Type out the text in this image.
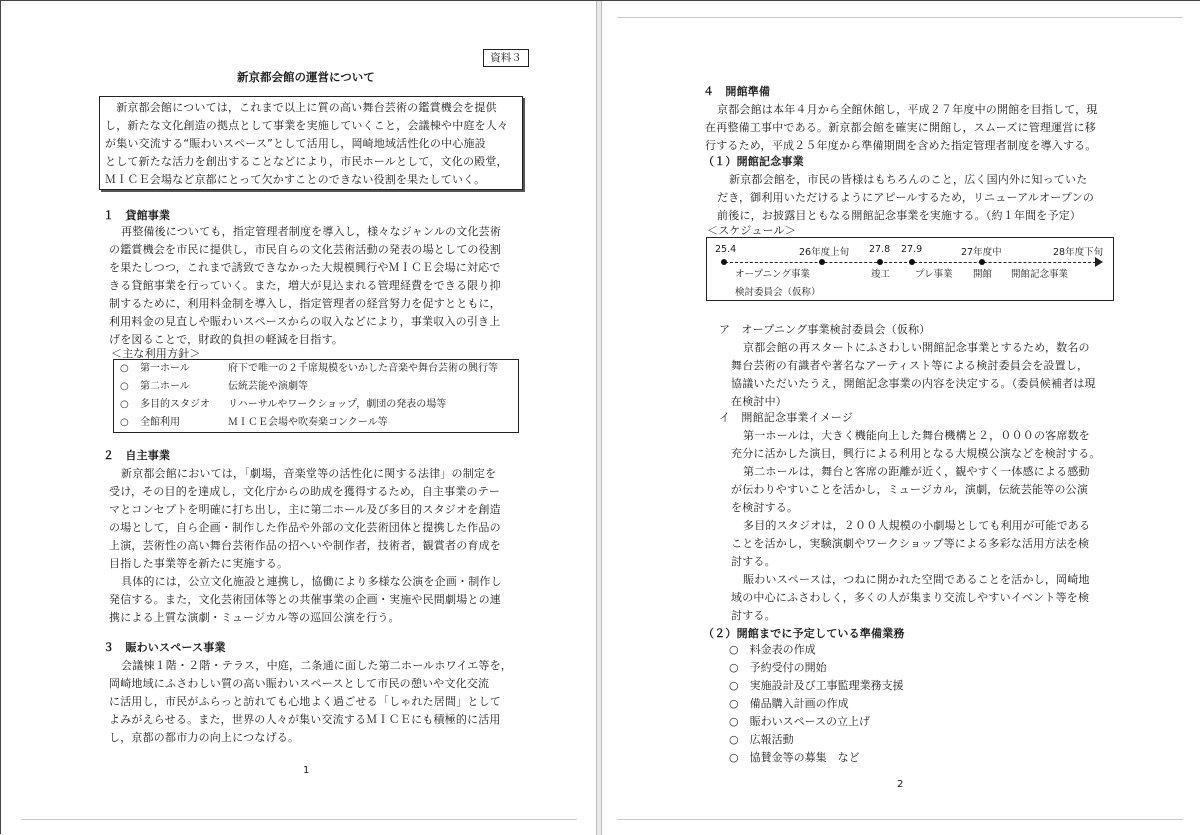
資料３
新京都会館の運営について
　新京都会館については，これまで以上に質の高い舞台芸術の鑑賞機会を提供
し，新たな文化創造の拠点として事業を実施していくこと，会議棟や中庭を人々
が集い交流する“賑わいスペース”として活用し，岡崎地域活性化の中心施設
として新たな活力を創出することなどにより，市民ホールとして，文化の殿堂，
ＭＩＣＥ会場など京都にとって欠かすことのできない役割を果たしていく。
１　貸館事業
再整備後についても，指定管理者制度を導入し，様々なジャンルの文化芸術
の鑑賞機会を市民に提供し，市民自らの文化芸術活動の発表の場としての役割
を果たしつつ，これまで誘致できなかった大規模興行やＭＩＣＥ会場に対応で
きる貸館事業を行っていく。また，増大が見込まれる管理経費をできる限り抑
制するために，利用料金制を導入し，指定管理者の経営努力を促すとともに，
利用料金の見直しや賑わいスペースからの収入などにより，事業収入の引き上
げを図ることで，財政的負担の軽減を目指す。
＜主な利用方針＞
○ 第一ホール	府下で唯一の２千席規模をいかした音楽や舞台芸術の興行等
○ 第二ホール	伝統芸能や演劇等
○ 多目的スタジオ リハーサルやワークショップ，劇団の発表の場等
○ 全館利用	ＭＩＣＥ会場や吹奏楽コンクール等
２　自主事業
新京都会館においては，「劇場，音楽堂等の活性化に関する法律」の制定を
受け，その目的を達成し，文化庁からの助成を獲得するため，自主事業のテー
マとコンセプトを明確に打ち出し，主に第二ホール及び多目的スタジオを創造
の場として，自ら企画・制作した作品や外部の文化芸術団体と提携した作品の
上演，芸術性の高い舞台芸術作品の招へいや制作者，技術者，観賞者の育成を
目指した事業等を新たに実施する。
具体的には，公立文化施設と連携し，協働により多様な公演を企画・制作し
発信する。また，文化芸術団体等との共催事業の企画・実施や民間劇場との連
携による上質な演劇・ミュージカル等の巡回公演を行う。
３　賑わいスペース事業
会議棟１階・２階・テラス，中庭，二条通に面した第二ホールホワイエ等を，
岡崎地域にふさわしい質の高い賑わいスペースとして市民の憩いや文化交流
に活用し，市民がふらっと訪れても心地よく過ごせる「しゃれた居間」として
よみがえらせる。また，世界の人々が集い交流するＭＩＣＥにも積極的に活用
し，京都の都市力の向上につなげる。
1
４　開館準備
京都会館は本年４月から全館休館し，平成２７年度中の開館を目指して，現
在再整備工事中である。新京都会館を確実に開館し，スムーズに管理運営に移
行するため，平成２５年度から準備期間を含めた指定管理者制度を導入する。
（１）開館記念事業
新京都会館を，市民の皆様はもちろんのこと，広く国内外に知っていた
だき，御利用いただけるようにアピールするため，リニューアルオープンの
前後に，お披露目ともなる開館記念事業を実施する。（約１年間を予定）
＜スケジュール＞
25.4	26年度上旬 27.8 27.9	27年度中	28年度下旬
オープニング事業	竣工	プレ事業 開館 開館記念事業
検討委員会（仮称）
ア　オープニング事業検討委員会（仮称）
京都会館の再スタートにふさわしい開館記念事業とするため，数名の
舞台芸術の有識者や著名なアーティスト等による検討委員会を設置し，
協議いただいたうえ，開館記念事業の内容を決定する。（委員候補者は現
在検討中）
イ　開館記念事業イメージ
第一ホールは，大きく機能向上した舞台機構と２，０００の客席数を
充分に活かした演目，興行による利用となる大規模公演などを検討する。
第二ホールは，舞台と客席の距離が近く，観やすく一体感による感動
が伝わりやすいことを活かし，ミュージカル，演劇，伝統芸能等の公演
を検討する。
多目的スタジオは，２００人規模の小劇場としても利用が可能である
ことを活かし，実験演劇やワークショップ等による多彩な活用方法を検
討する。
賑わいスペースは，つねに開かれた空間であることを活かし，岡崎地
域の中心にふさわしく，多くの人が集まり交流しやすいイベント等を検
討する。
（２）開館までに予定している準備業務
○　料金表の作成
○　予約受付の開始
○　実施設計及び工事監理業務支援
○　備品購入計画の作成
○　賑わいスペースの立上げ
○　広報活動
○　協賛金等の募集　など
2
